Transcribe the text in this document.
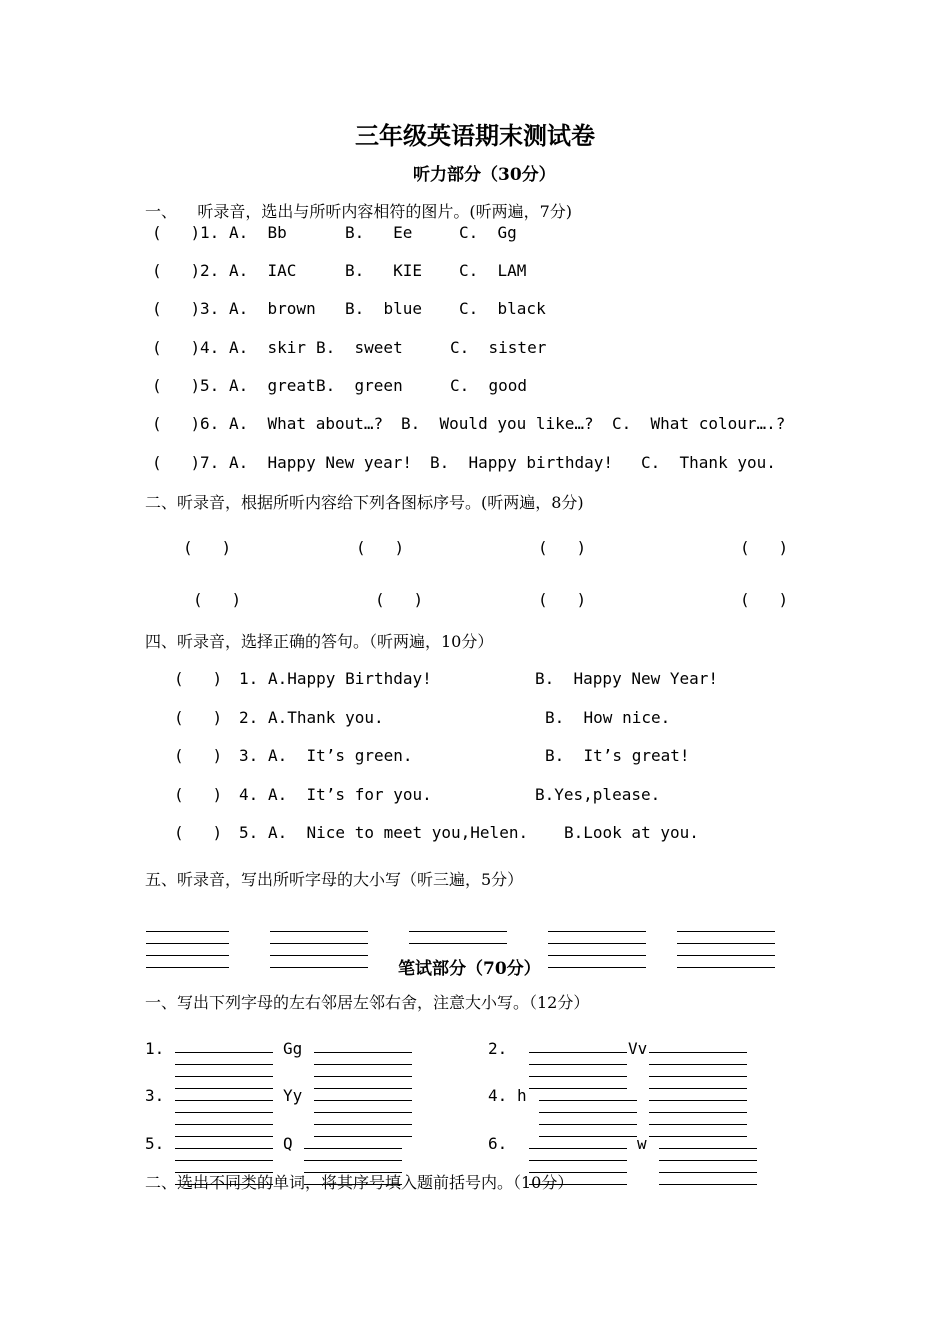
三年级英语期末测试卷
听力部分（30分）
一、    听录音，选出与所听内容相符的图片。(听两遍，7分)
(   ) 1. A.  Bb	B.   Ee	C.  Gg
(   ) 2. A.  IAC	B.   KIE C.  LAM
(   ) 3. A.  brown B.  blue C.  black
(   ) 4. A.  skir B.  sweet	C.  sister
(   ) 5. A.  great B.  green	C.  good
(   ) 6. A.  What about…? B.  Would you like…? C.  What colour….?
(   ) 7. A.  Happy New year! B.  Happy birthday! C.  Thank you.
二、听录音，根据所听内容给下列各图标序号。(听两遍，8分)
(   )	(   )	(   )	(   )
(   )	(   )	(   )	(   )
四、听录音，选择正确的答句。（听两遍，10分）
(   ) 1. A.Happy Birthday!	B.  Happy New Year!
(   ) 2. A.Thank you.	B.  How nice.
(   ) 3. A.  It’s green.	B.  It’s great!
(   ) 4. A.  It’s for you.	B.Yes,please.
(   ) 5. A.  Nice to meet you,Helen. B.Look at you.
五、听录音，写出所听字母的大小写（听三遍，5分）
笔试部分（70分）
一、写出下列字母的左右邻居左邻右舍，注意大小写。（12分）
1.	Gg	2.	Vv
3.	Yy	4. h
5.	Q	6.	w
二、选出不同类的单词，将其序号填入题前括号内。（10分）
